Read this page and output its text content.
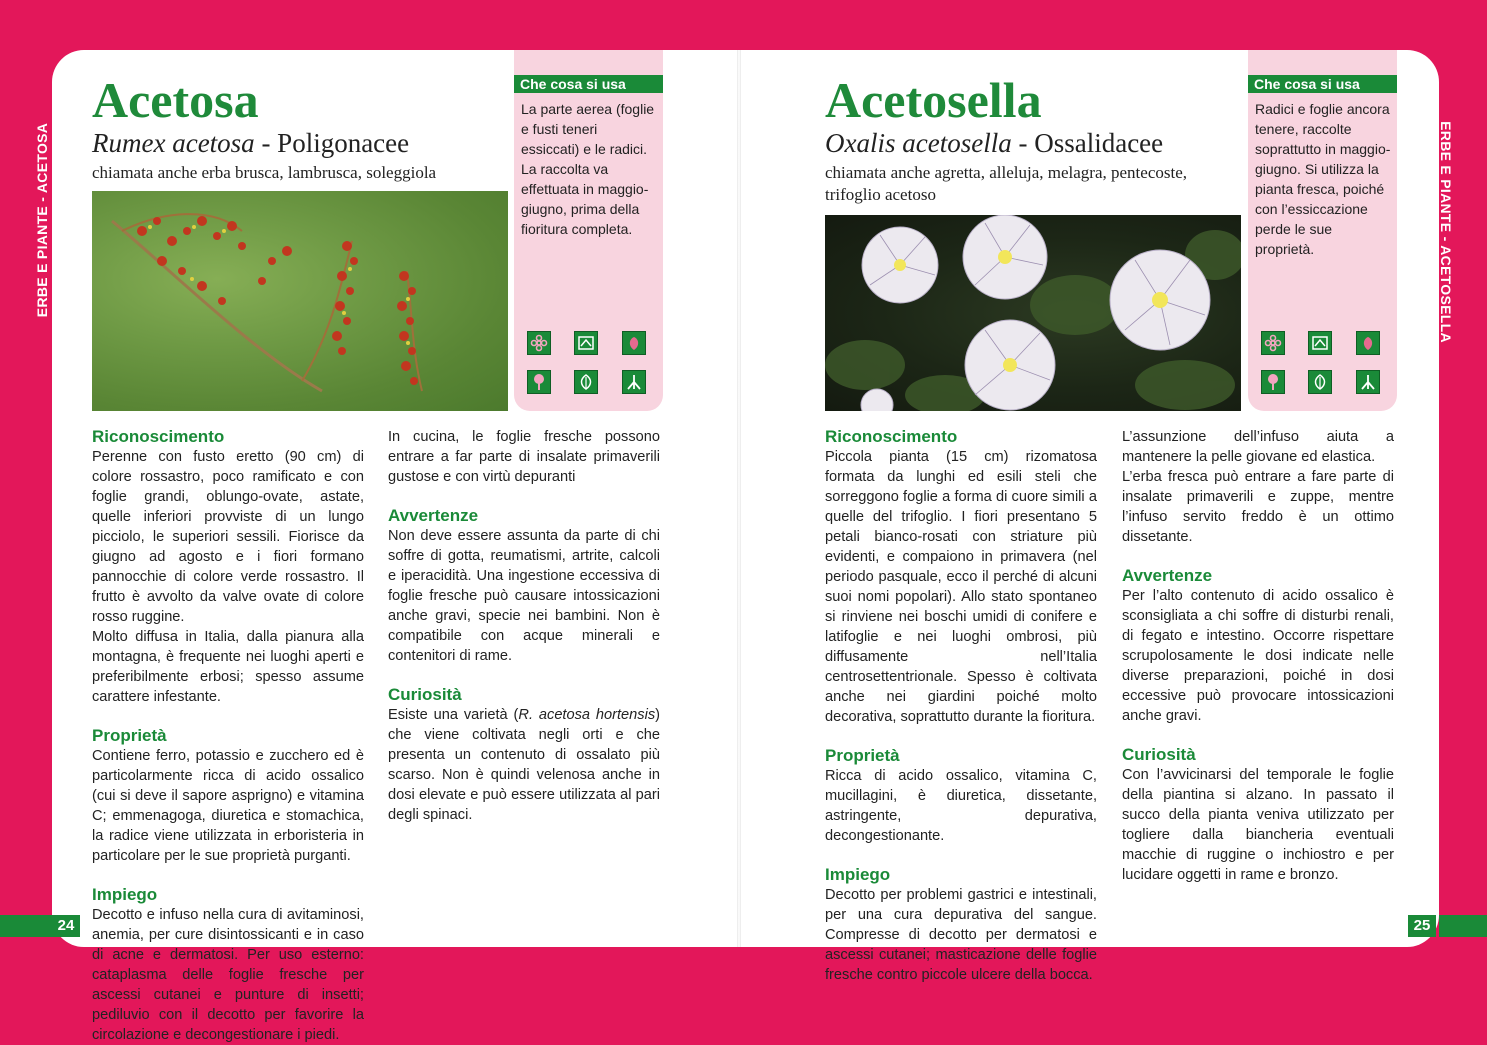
24	25
ERBE E PIANTE - ACETOSA	ERBE E PIANTE - ACETOSELLA
Acetosa
Rumex acetosa - Poligonacee
chiamata anche erba brusca, lambrusca, soleggiola
Che cosa si usa
La parte aerea (foglie e fusti teneri essiccati) e le radici. La raccolta va effettuata in maggio-giugno, prima della fioritura completa.
Riconoscimento

Perenne con fusto eretto (90 cm) di colore rossastro, poco ramificato e con foglie grandi, oblungo-ovate, astate, quelle inferiori provviste di un lungo picciolo, le superiori sessili. Fiorisce da giugno ad agosto e i fiori formano pannocchie di colore verde rossastro. Il frutto è avvolto da valve ovate di colore rosso ruggine.

Molto diffusa in Italia, dalla pianura alla montagna, è frequente nei luoghi aperti e preferibilmente erbosi; spesso assume carattere infestante.

Proprietà

Contiene ferro, potassio e zucchero ed è particolarmente ricca di acido ossalico (cui si deve il sapore asprigno) e vitamina C; emmenagoga, diuretica e stomachica, la radice viene utilizzata in erboristeria in particolare per le sue proprietà purganti.

Impiego

Decotto e infuso nella cura di avitaminosi, anemia, per cure disintossicanti e in caso di acne e dermatosi. Per uso esterno: cataplasma delle foglie fresche per ascessi cutanei e punture di insetti; pediluvio con il decotto per favorire la circolazione e decongestionare i piedi.

In cucina, le foglie fresche possono entrare a far parte di insalate primaverili gustose e con virtù depuranti

Avvertenze

Non deve essere assunta da parte di chi soffre di gotta, reumatismi, artrite, calcoli e iperacidità. Una ingestione eccessiva di foglie fresche può causare intossicazioni anche gravi, specie nei bambini. Non è compatibile con acque minerali e contenitori di rame.

Curiosità

Esiste una varietà (R. acetosa hortensis) che viene coltivata negli orti e che presenta un contenuto di ossalato più scarso. Non è quindi velenosa anche in dosi elevate e può essere utilizzata al pari degli spinaci.

Acetosella
Oxalis acetosella - Ossalidacee
chiamata anche agretta, alleluja, melagra, pentecoste, trifoglio acetoso
Che cosa si usa
Radici e foglie ancora tenere, raccolte soprattutto in maggio-giugno. Si utilizza la pianta fresca, poiché con l’essiccazione perde le sue proprietà.
Riconoscimento

Piccola pianta (15 cm) rizomatosa formata da lunghi ed esili steli che sorreggono foglie a forma di cuore simili a quelle del trifoglio. I fiori presentano 5 petali bianco-rosati con striature più evidenti, e compaiono in primavera (nel periodo pasquale, ecco il perché di alcuni suoi nomi popolari). Allo stato spontaneo si rinviene nei boschi umidi di conifere e latifoglie e nei luoghi ombrosi, più diffusamente nell’Italia centrosettentrionale. Spesso è coltivata anche nei giardini poiché molto decorativa, soprattutto durante la fioritura.

Proprietà

Ricca di acido ossalico, vitamina C, mucillagini, è diuretica, dissetante, astringente, depurativa, decongestionante.

Impiego

Decotto per problemi gastrici e intestinali, per una cura depurativa del sangue. Compresse di decotto per dermatosi e ascessi cutanei; masticazione delle foglie fresche contro piccole ulcere della bocca.

L’assunzione dell’infuso aiuta a mantenere la pelle giovane ed elastica.

L’erba fresca può entrare a fare parte di insalate primaverili e zuppe, mentre l’infuso servito freddo è un ottimo dissetante.

Avvertenze

Per l’alto contenuto di acido ossalico è sconsigliata a chi soffre di disturbi renali, di fegato e intestino. Occorre rispettare scrupolosamente le dosi indicate nelle diverse preparazioni, poiché in dosi eccessive può provocare intossicazioni anche gravi.

Curiosità

Con l’avvicinarsi del temporale le foglie della piantina si alzano. In passato il succo della pianta veniva utilizzato per togliere dalla biancheria eventuali macchie di ruggine o inchiostro e per lucidare oggetti in rame e bronzo.
